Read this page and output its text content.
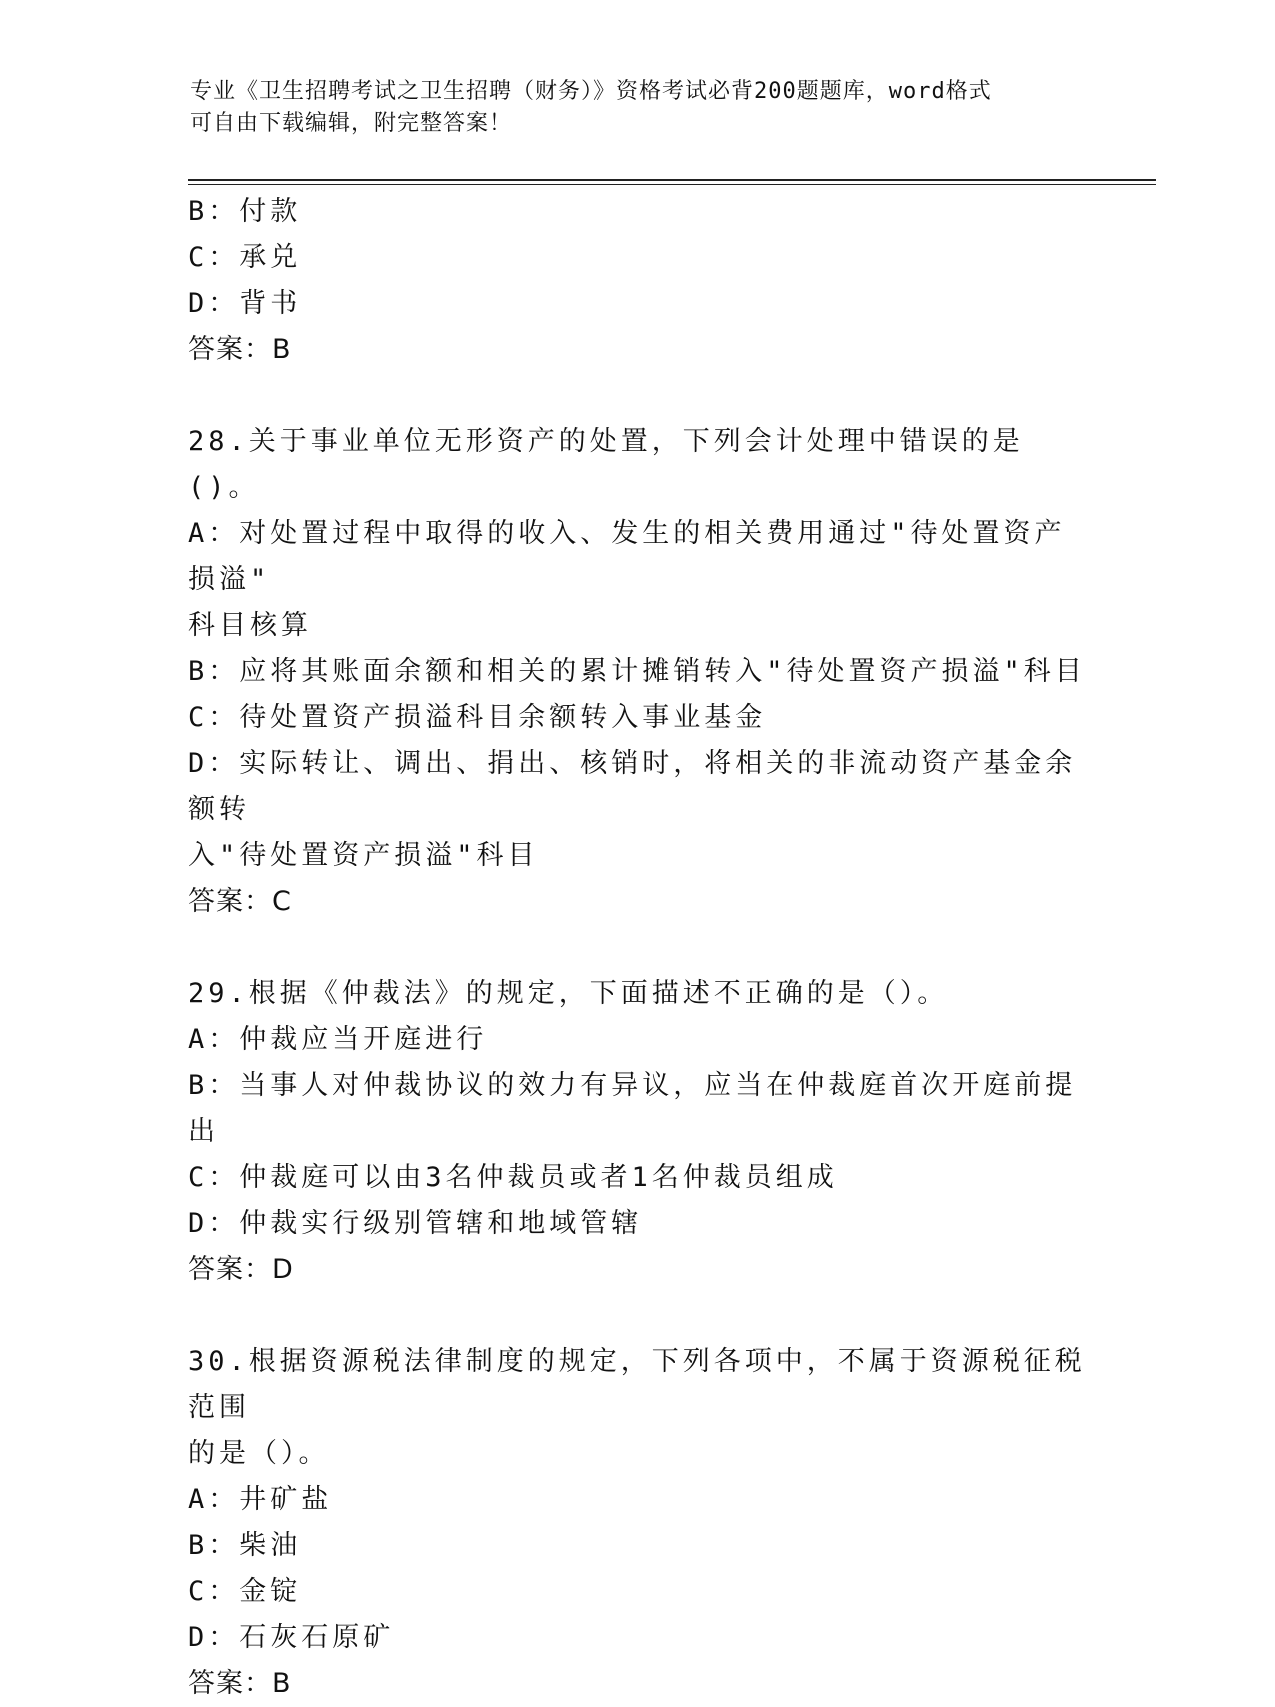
专业《卫生招聘考试之卫生招聘（财务）》资格考试必背200题题库，word格式
可自由下载编辑，附完整答案！
B：付款
C：承兑
D：背书
答案：B
28.关于事业单位无形资产的处置，下列会计处理中错误的是()。
A：对处置过程中取得的收入、发生的相关费用通过"待处置资产损溢"
科目核算
B：应将其账面余额和相关的累计摊销转入"待处置资产损溢"科目
C：待处置资产损溢科目余额转入事业基金
D：实际转让、调出、捐出、核销时，将相关的非流动资产基金余额转
入"待处置资产损溢"科目
答案：C
29.根据《仲裁法》的规定，下面描述不正确的是（）。
A：仲裁应当开庭进行
B：当事人对仲裁协议的效力有异议，应当在仲裁庭首次开庭前提出
C：仲裁庭可以由3名仲裁员或者1名仲裁员组成
D：仲裁实行级别管辖和地域管辖
答案：D
30.根据资源税法律制度的规定，下列各项中，不属于资源税征税范围
的是（）。
A：井矿盐
B：柴油
C：金锭
D：石灰石原矿
答案：B
